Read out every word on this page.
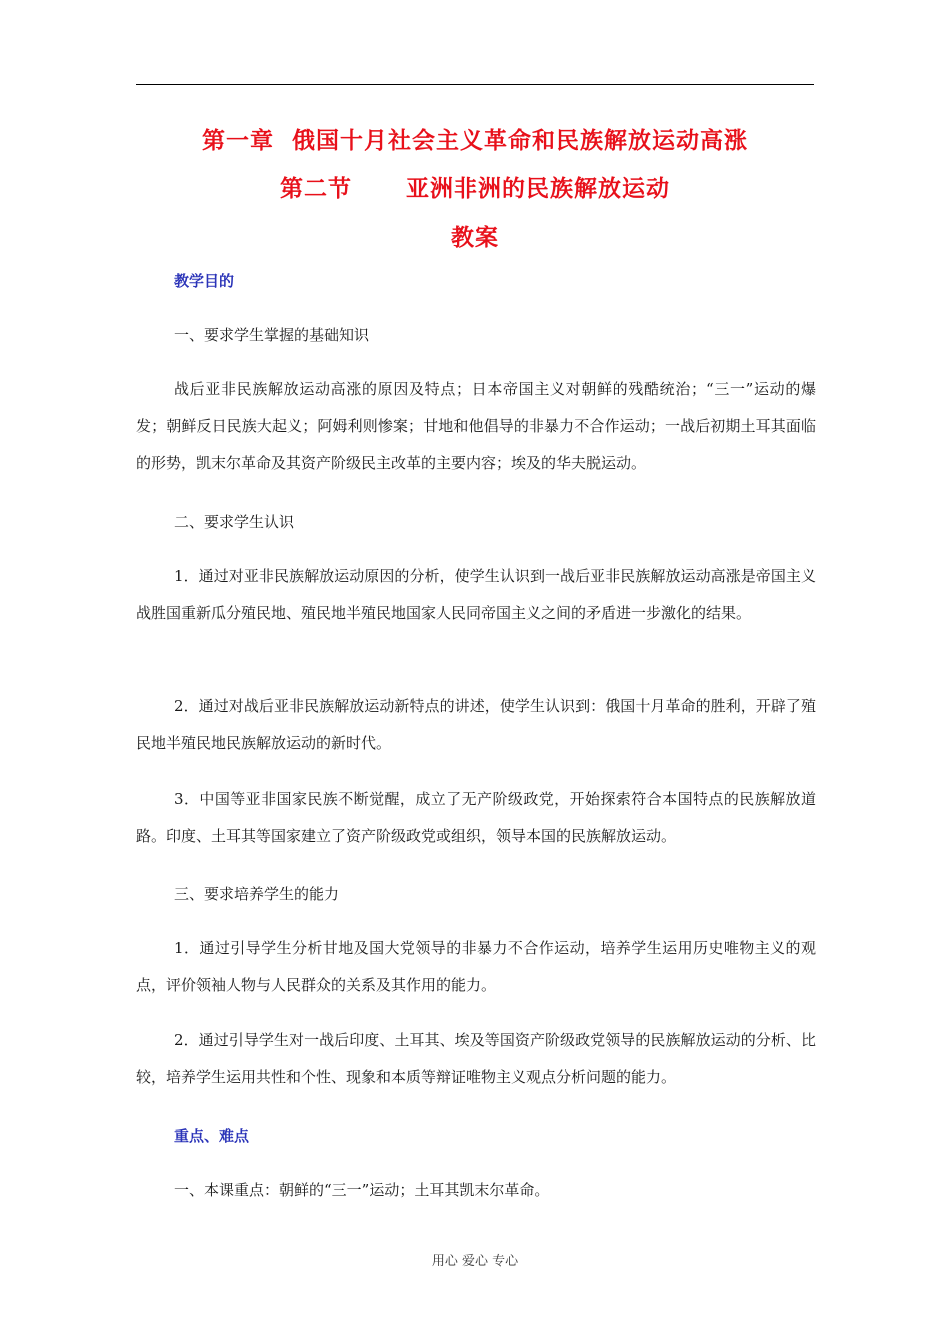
第一章  俄国十月社会主义革命和民族解放运动高涨
第二节      亚洲非洲的民族解放运动
教案
教学目的
一、要求学生掌握的基础知识
战后亚非民族解放运动高涨的原因及特点；日本帝国主义对朝鲜的残酷统治；“三一”运动的爆发；朝鲜反日民族大起义；阿姆利则惨案；甘地和他倡导的非暴力不合作运动；一战后初期土耳其面临的形势，凯末尔革命及其资产阶级民主改革的主要内容；埃及的华夫脱运动。
二、要求学生认识
1．通过对亚非民族解放运动原因的分析，使学生认识到一战后亚非民族解放运动高涨是帝国主义战胜国重新瓜分殖民地、殖民地半殖民地国家人民同帝国主义之间的矛盾进一步激化的结果。
2．通过对战后亚非民族解放运动新特点的讲述，使学生认识到：俄国十月革命的胜利，开辟了殖民地半殖民地民族解放运动的新时代。
3．中国等亚非国家民族不断觉醒，成立了无产阶级政党，开始探索符合本国特点的民族解放道路。印度、土耳其等国家建立了资产阶级政党或组织，领导本国的民族解放运动。
三、要求培养学生的能力
1．通过引导学生分析甘地及国大党领导的非暴力不合作运动，培养学生运用历史唯物主义的观点，评价领袖人物与人民群众的关系及其作用的能力。
2．通过引导学生对一战后印度、土耳其、埃及等国资产阶级政党领导的民族解放运动的分析、比较，培养学生运用共性和个性、现象和本质等辩证唯物主义观点分析问题的能力。
重点、难点
一、本课重点：朝鲜的“三一”运动；土耳其凯末尔革命。
用心 爱心 专心
